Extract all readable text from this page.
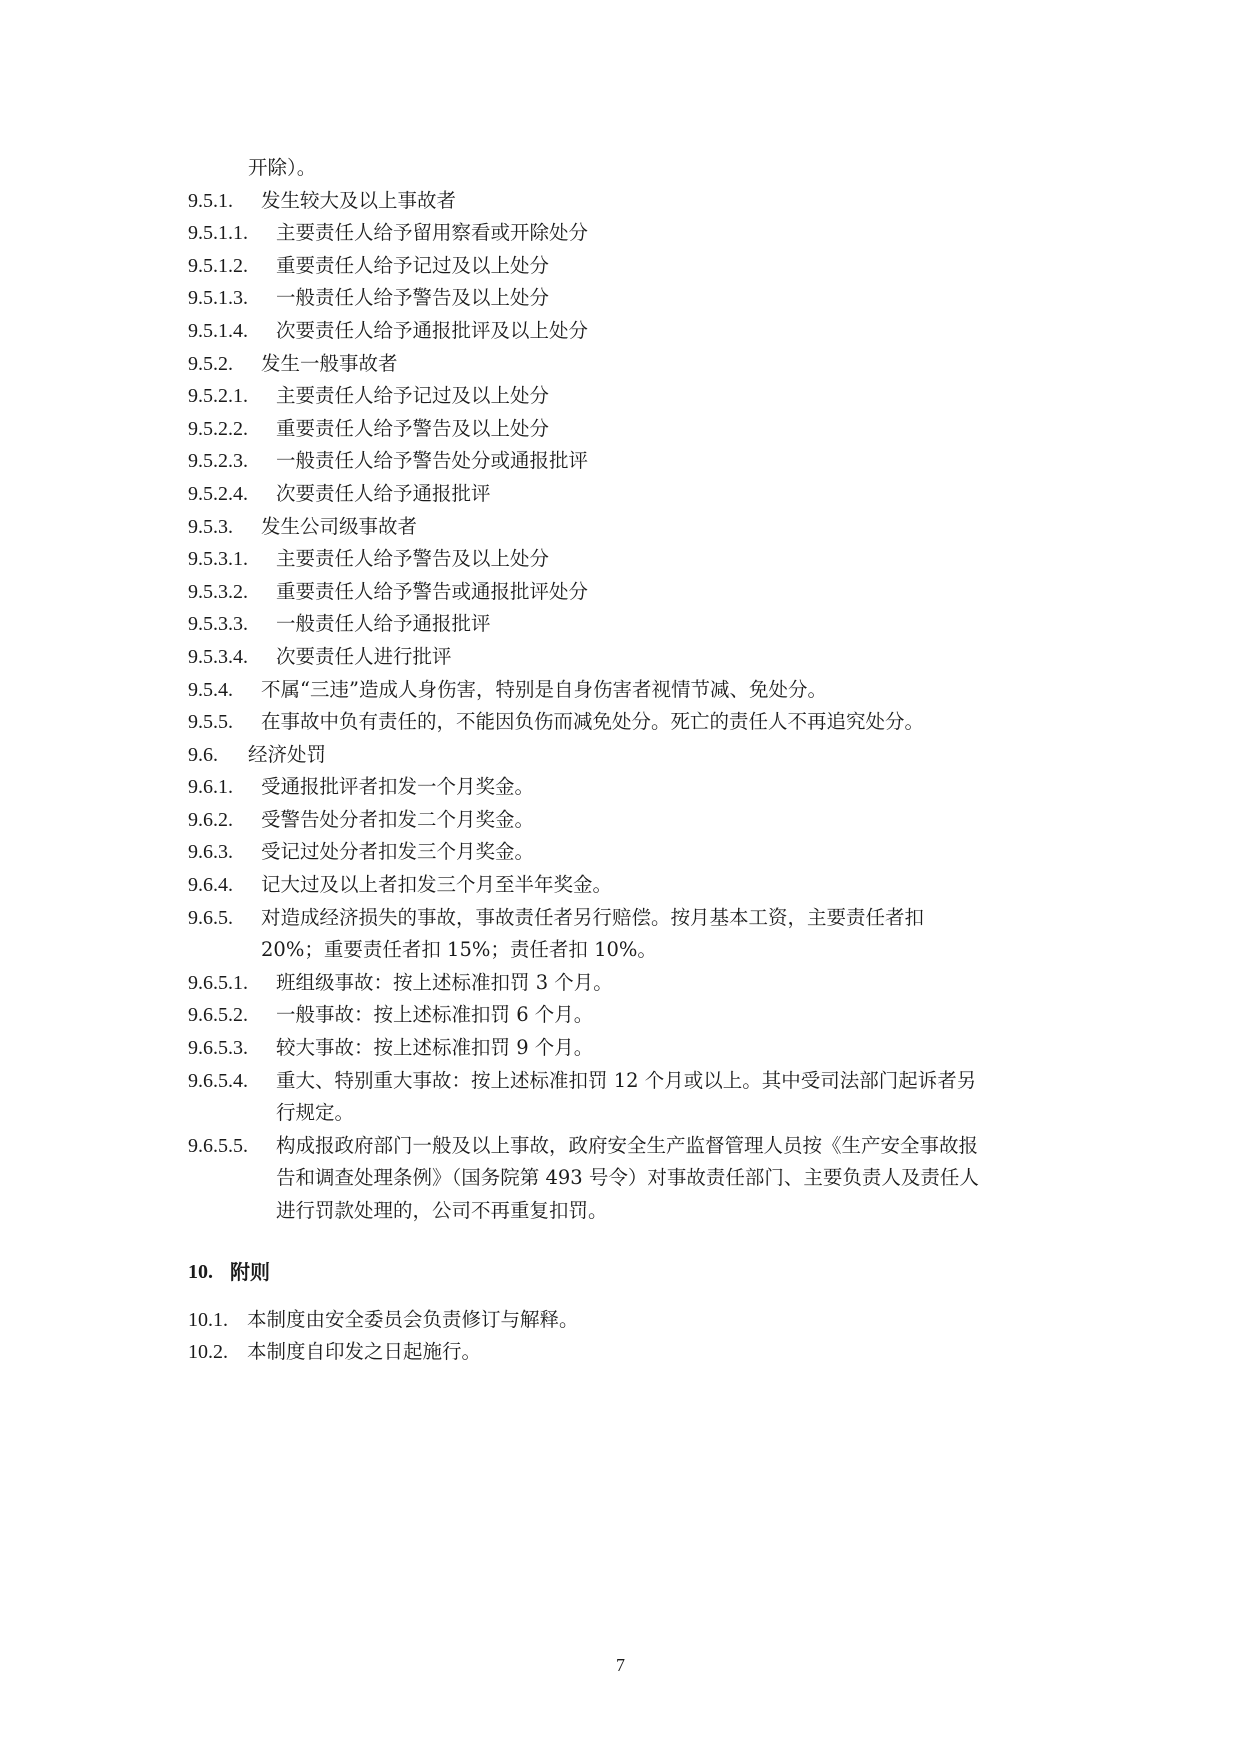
开除）。
9.5.1.	发生较大及以上事故者
9.5.1.1.	主要责任人给予留用察看或开除处分
9.5.1.2.	重要责任人给予记过及以上处分
9.5.1.3.	一般责任人给予警告及以上处分
9.5.1.4.	次要责任人给予通报批评及以上处分
9.5.2.	发生一般事故者
9.5.2.1.	主要责任人给予记过及以上处分
9.5.2.2.	重要责任人给予警告及以上处分
9.5.2.3.	一般责任人给予警告处分或通报批评
9.5.2.4.	次要责任人给予通报批评
9.5.3.	发生公司级事故者
9.5.3.1.	主要责任人给予警告及以上处分
9.5.3.2.	重要责任人给予警告或通报批评处分
9.5.3.3.	一般责任人给予通报批评
9.5.3.4.	次要责任人进行批评
9.5.4.	不属“三违”造成人身伤害，特别是自身伤害者视情节减、免处分。
9.5.5.	在事故中负有责任的，不能因负伤而减免处分。死亡的责任人不再追究处分。
9.6.	经济处罚
9.6.1.	受通报批评者扣发一个月奖金。
9.6.2.	受警告处分者扣发二个月奖金。
9.6.3.	受记过处分者扣发三个月奖金。
9.6.4.	记大过及以上者扣发三个月至半年奖金。
9.6.5.	对造成经济损失的事故，事故责任者另行赔偿。按月基本工资，主要责任者扣
20%；重要责任者扣 15%；责任者扣 10%。
9.6.5.1.	班组级事故：按上述标准扣罚 3 个月。
9.6.5.2.	一般事故：按上述标准扣罚 6 个月。
9.6.5.3.	较大事故：按上述标准扣罚 9 个月。
9.6.5.4.	重大、特别重大事故：按上述标准扣罚 12 个月或以上。其中受司法部门起诉者另
行规定。
9.6.5.5.	构成报政府部门一般及以上事故，政府安全生产监督管理人员按《生产安全事故报
告和调查处理条例》（国务院第 493 号令）对事故责任部门、主要负责人及责任人
进行罚款处理的，公司不再重复扣罚。
10. 附则
10.1. 本制度由安全委员会负责修订与解释。
10.2. 本制度自印发之日起施行。
7
